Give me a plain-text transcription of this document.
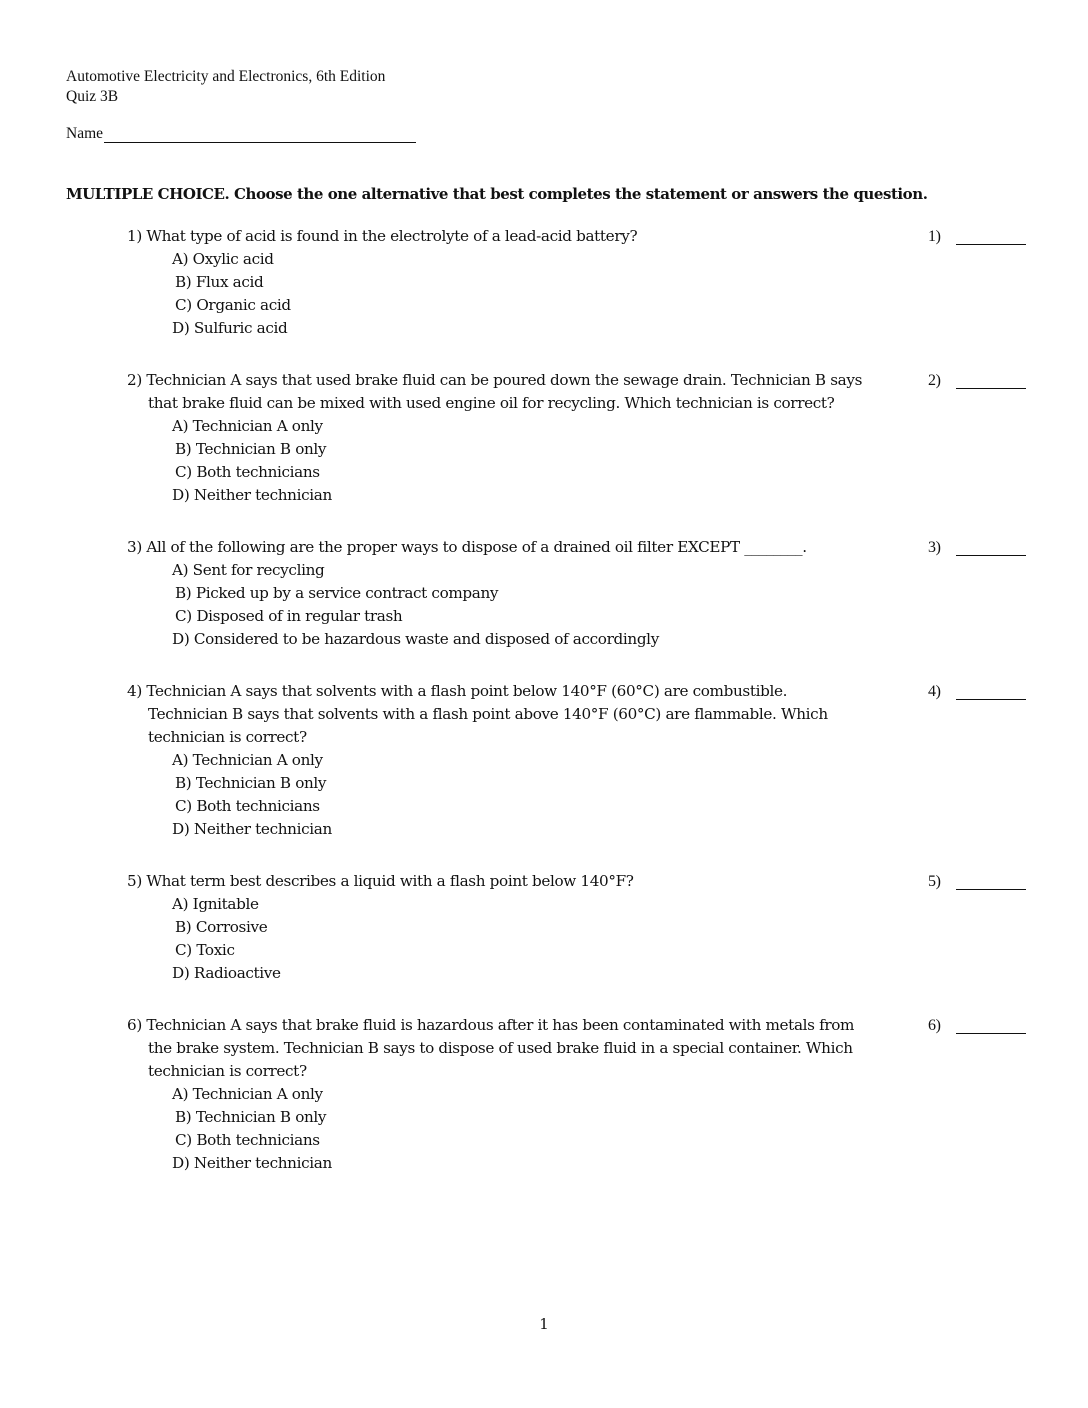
Automotive Electricity and Electronics, 6th Edition
Quiz 3B
Name
MULTIPLE CHOICE. Choose the one alternative that best completes the statement or answers the question.
1) What type of acid is found in the electrolyte of a lead-acid battery?
A) Oxylic acid
B) Flux acid
C) Organic acid
D) Sulfuric acid
1)
2) Technician A says that used brake fluid can be poured down the sewage drain. Technician B says
that brake fluid can be mixed with used engine oil for recycling. Which technician is correct?
A) Technician A only
B) Technician B only
C) Both technicians
D) Neither technician
2)
3) All of the following are the proper ways to dispose of a drained oil filter EXCEPT ________.
A) Sent for recycling
B) Picked up by a service contract company
C) Disposed of in regular trash
D) Considered to be hazardous waste and disposed of accordingly
3)
4) Technician A says that solvents with a flash point below 140°F (60°C) are combustible.
Technician B says that solvents with a flash point above 140°F (60°C) are flammable. Which
technician is correct?
A) Technician A only
B) Technician B only
C) Both technicians
D) Neither technician
4)
5) What term best describes a liquid with a flash point below 140°F?
A) Ignitable
B) Corrosive
C) Toxic
D) Radioactive
5)
6) Technician A says that brake fluid is hazardous after it has been contaminated with metals from
the brake system. Technician B says to dispose of used brake fluid in a special container. Which
technician is correct?
A) Technician A only
B) Technician B only
C) Both technicians
D) Neither technician
6)
1
